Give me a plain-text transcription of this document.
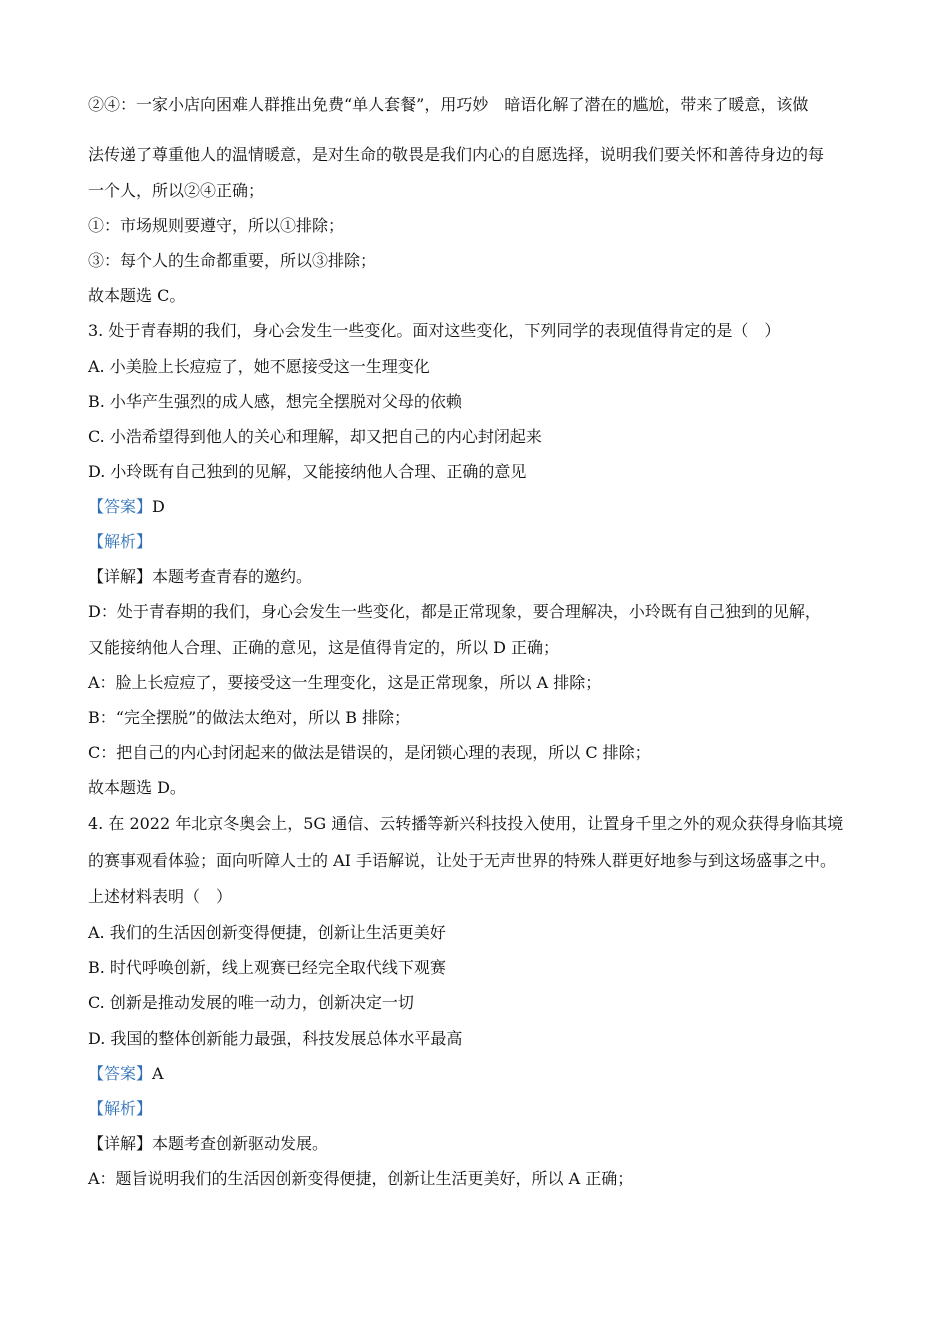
②④：一家小店向困难人群推出免费“单人套餐”，用巧妙　暗语化解了潜在的尴尬，带来了暖意，该做
法传递了尊重他人的温情暖意，是对生命的敬畏是我们内心的自愿选择，说明我们要关怀和善待身边的每
一个人，所以②④正确；
①：市场规则要遵守，所以①排除；
③：每个人的生命都重要，所以③排除；
故本题选 C。
3. 处于青春期的我们，身心会发生一些变化。面对这些变化，下列同学的表现值得肯定的是（　）
A. 小美脸上长痘痘了，她不愿接受这一生理变化
B. 小华产生强烈的成人感，想完全摆脱对父母的依赖
C. 小浩希望得到他人的关心和理解，却又把自己的内心封闭起来
D. 小玲既有自己独到的见解，又能接纳他人合理、正确的意见
【答案】D
【解析】
【详解】本题考查青春的邀约。
D：处于青春期的我们，身心会发生一些变化，都是正常现象，要合理解决，小玲既有自己独到的见解，
又能接纳他人合理、正确的意见，这是值得肯定的，所以 D 正确；
A：脸上长痘痘了，要接受这一生理变化，这是正常现象，所以 A 排除；
B：“完全摆脱”的做法太绝对，所以 B 排除；
C：把自己的内心封闭起来的做法是错误的，是闭锁心理的表现，所以 C 排除；
故本题选 D。
4. 在 2022 年北京冬奥会上，5G 通信、云转播等新兴科技投入使用，让置身千里之外的观众获得身临其境
的赛事观看体验；面向听障人士的 AI 手语解说，让处于无声世界的特殊人群更好地参与到这场盛事之中。
上述材料表明（　）
A. 我们的生活因创新变得便捷，创新让生活更美好
B. 时代呼唤创新，线上观赛已经完全取代线下观赛
C. 创新是推动发展的唯一动力，创新决定一切
D. 我国的整体创新能力最强，科技发展总体水平最高
【答案】A
【解析】
【详解】本题考查创新驱动发展。
A：题旨说明我们的生活因创新变得便捷，创新让生活更美好，所以 A 正确；
